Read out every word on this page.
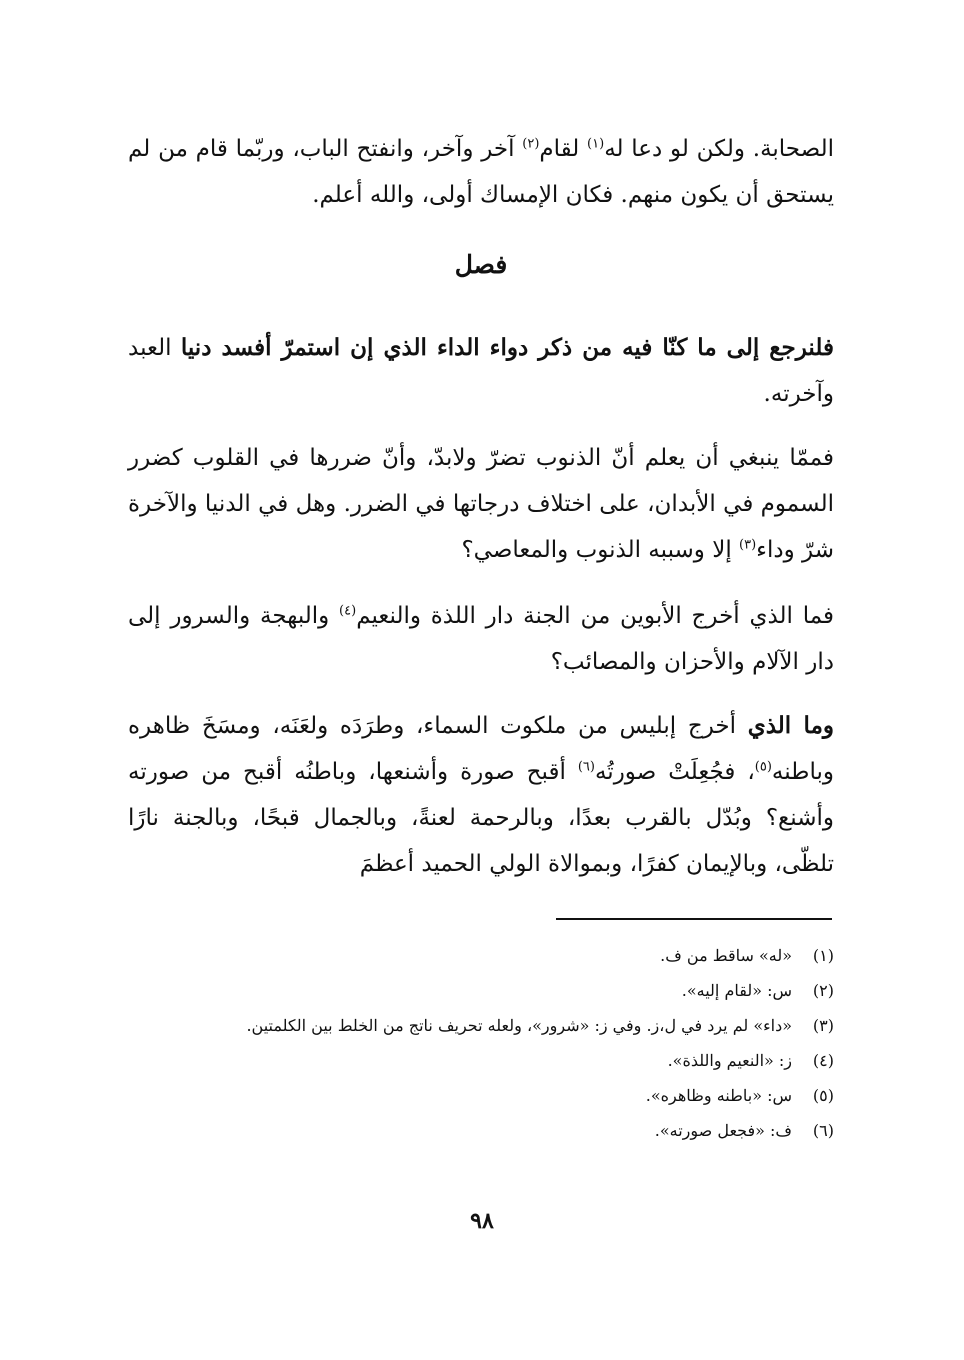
الصحابة. ولكن لو دعا له$^{(١)}$ لقام$^{(٢)}$ آخر وآخر، وانفتح الباب، وربّما قام من لم يستحق أن يكون منهم. فكان الإمساك أولى، والله أعلم.

فصل

فلنرجع إلى ما كنّا فيه من ذكر دواء الداء الذي إن استمرّ أفسد دنيا العبد وآخرته.

فممّا ينبغي أن يعلم أنّ الذنوب تضرّ ولابدّ، وأنّ ضررها في القلوب كضرر السموم في الأبدان، على اختلاف درجاتها في الضرر. وهل في الدنيا والآخرة شرّ وداء$^{(٣)}$ إلا وسببه الذنوب والمعاصي؟

فما الذي أخرج الأبوين من الجنة دار اللذة والنعيم$^{(٤)}$ والبهجة والسرور إلى دار الآلام والأحزان والمصائب؟

وما الذي أخرج إبليس من ملكوت السماء، وطرَدَه ولعَنَه، ومسَخَ ظاهره وباطنه$^{(٥)}$، فجُعِلَتْ صورتُه$^{(٦)}$ أقبح صورة وأشنعها، وباطنُه أقبح من صورته وأشنع؟ وبُدّل بالقرب بعدًا، وبالرحمة لعنةً، وبالجمال قبحًا، وبالجنة نارًا تلظّى، وبالإيمان كفرًا، وبموالاة الولي الحميد أعظمَ

(١)
«له» ساقط من ف.
(٢)
س: «لقام إليه».
(٣)
«داء» لم يرد في ل،ز. وفي ز: «شرور»، ولعله تحريف ناتج من الخلط بين الكلمتين.
(٤)
ز: «النعيم واللذة».
(٥)
س: «باطنه وظاهره».
(٦)
ف: «فجعل صورته».
٩٨
